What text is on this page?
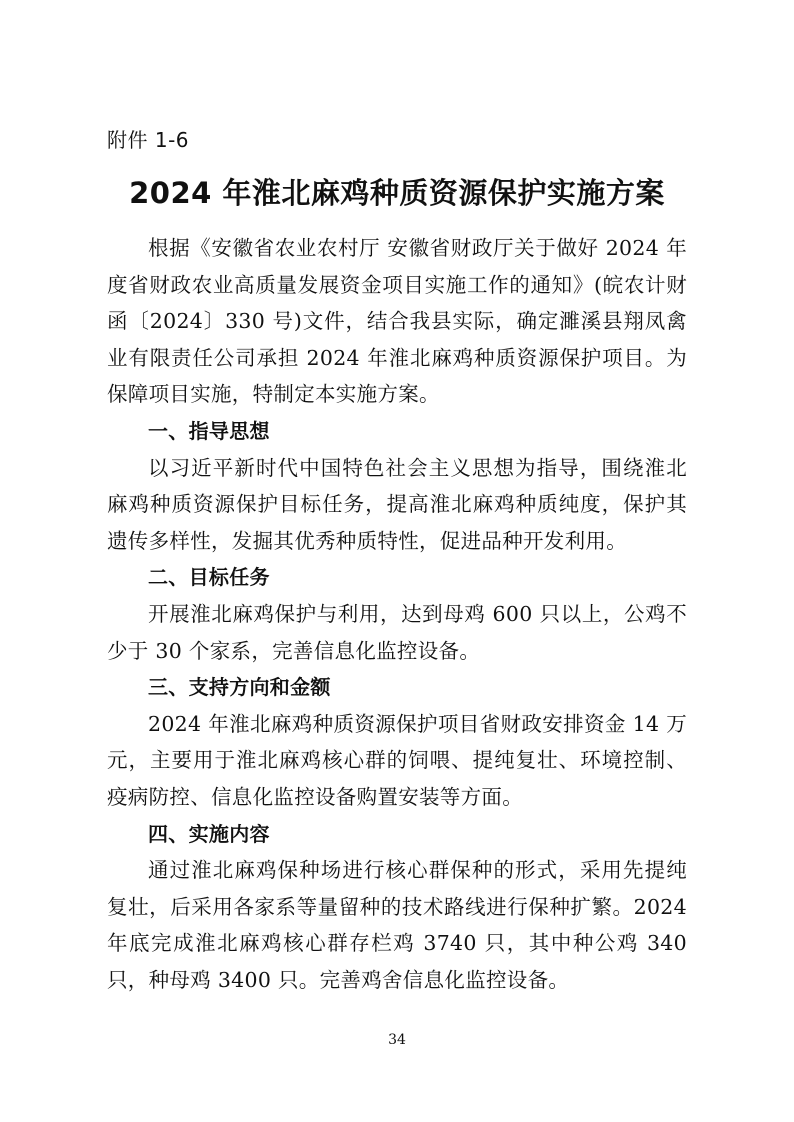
附件 1-6
2024 年淮北麻鸡种质资源保护实施方案

根据《安徽省农业农村厅 安徽省财政厅关于做好 2024 年度省财政农业高质量发展资金项目实施工作的通知》(皖农计财函〔2024〕330 号)文件，结合我县实际，确定濉溪县翔凤禽业有限责任公司承担 2024 年淮北麻鸡种质资源保护项目。为保障项目实施，特制定本实施方案。

一、指导思想

以习近平新时代中国特色社会主义思想为指导，围绕淮北麻鸡种质资源保护目标任务，提高淮北麻鸡种质纯度，保护其遗传多样性，发掘其优秀种质特性，促进品种开发利用。

二、目标任务

开展淮北麻鸡保护与利用，达到母鸡 600 只以上，公鸡不少于 30 个家系，完善信息化监控设备。

三、支持方向和金额

2024 年淮北麻鸡种质资源保护项目省财政安排资金 14 万元，主要用于淮北麻鸡核心群的饲喂、提纯复壮、环境控制、疫病防控、信息化监控设备购置安装等方面。

四、实施内容

通过淮北麻鸡保种场进行核心群保种的形式，采用先提纯复壮，后采用各家系等量留种的技术路线进行保种扩繁。2024 年底完成淮北麻鸡核心群存栏鸡 3740 只，其中种公鸡 340 只，种母鸡 3400 只。完善鸡舍信息化监控设备。

34
